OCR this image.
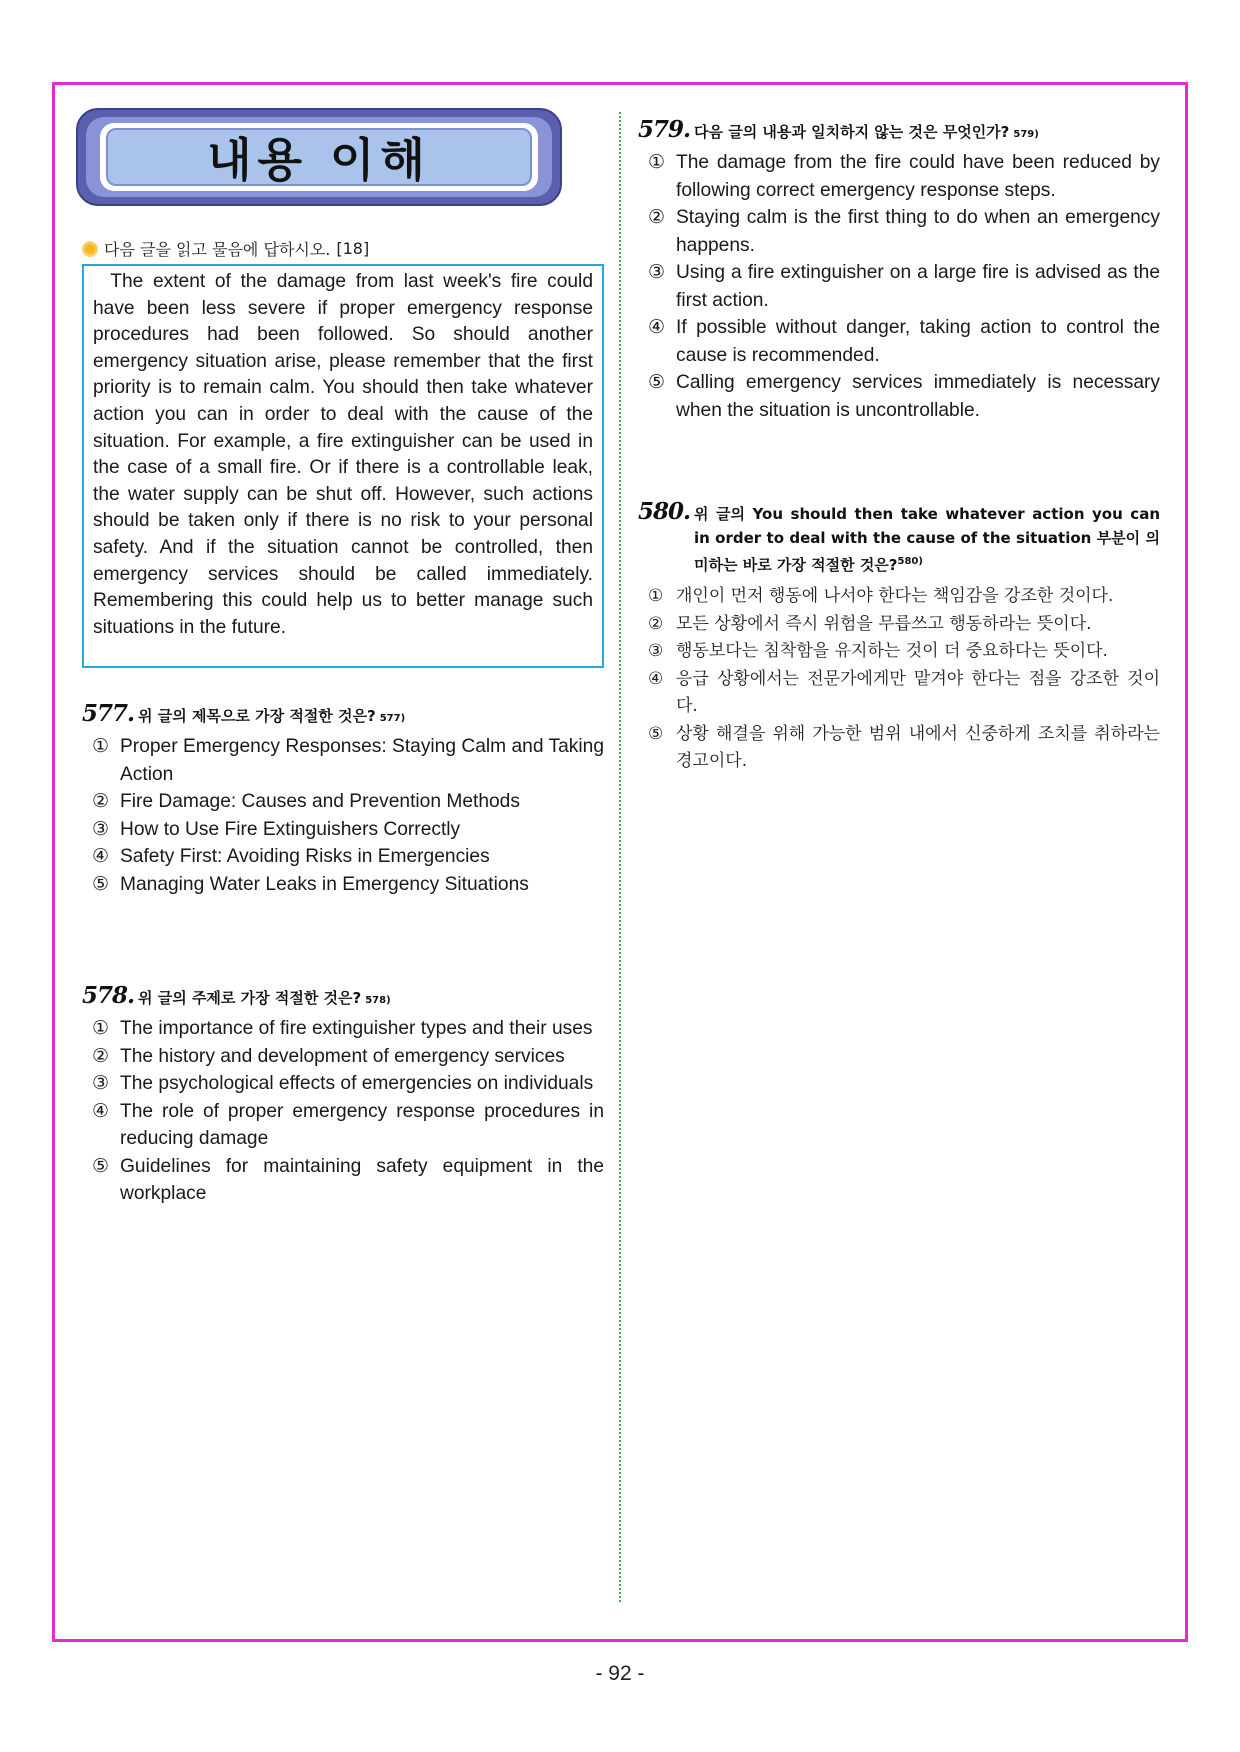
내용 이해
다음 글을 읽고 물음에 답하시오. [18]
The extent of the damage from last week's fire could have been less severe if proper emergency response procedures had been followed. So should another emergency situation arise, please remember that the first priority is to remain calm. You should then take whatever action you can in order to deal with the cause of the situation. For example, a fire extinguisher can be used in the case of a small fire. Or if there is a controllable leak, the water supply can be shut off. However, such actions should be taken only if there is no risk to your personal safety. And if the situation cannot be controlled, then emergency services should be called immediately. Remembering this could help us to better manage such situations in the future.
577. 위 글의 제목으로 가장 적절한 것은? $_{577)}$
① Proper Emergency Responses: Staying Calm and Taking Action
② Fire Damage: Causes and Prevention Methods
③ How to Use Fire Extinguishers Correctly
④ Safety First: Avoiding Risks in Emergencies
⑤ Managing Water Leaks in Emergency Situations
578. 위 글의 주제로 가장 적절한 것은? $_{578)}$
① The importance of fire extinguisher types and their uses
② The history and development of emergency services
③ The psychological effects of emergencies on individuals
④ The role of proper emergency response procedures in reducing damage
⑤ Guidelines for maintaining safety equipment in the workplace
579. 다음 글의 내용과 일치하지 않는 것은 무엇인가? $_{579)}$
① The damage from the fire could have been reduced by following correct emergency response steps.
② Staying calm is the first thing to do when an emergency happens.
③ Using a fire extinguisher on a large fire is advised as the first action.
④ If possible without danger, taking action to control the cause is recommended.
⑤ Calling emergency services immediately is necessary when the situation is uncontrollable.
580. 위 글의 You should then take whatever action you can in order to deal with the cause of the situation 부분이 의미하는 바로 가장 적절한 것은?$^{580)}$
① 개인이 먼저 행동에 나서야 한다는 책임감을 강조한 것이다.
② 모든 상황에서 즉시 위험을 무릅쓰고 행동하라는 뜻이다.
③ 행동보다는 침착함을 유지하는 것이 더 중요하다는 뜻이다.
④ 응급 상황에서는 전문가에게만 맡겨야 한다는 점을 강조한 것이다.
⑤ 상황 해결을 위해 가능한 범위 내에서 신중하게 조치를 취하라는 경고이다.
- 92 -
